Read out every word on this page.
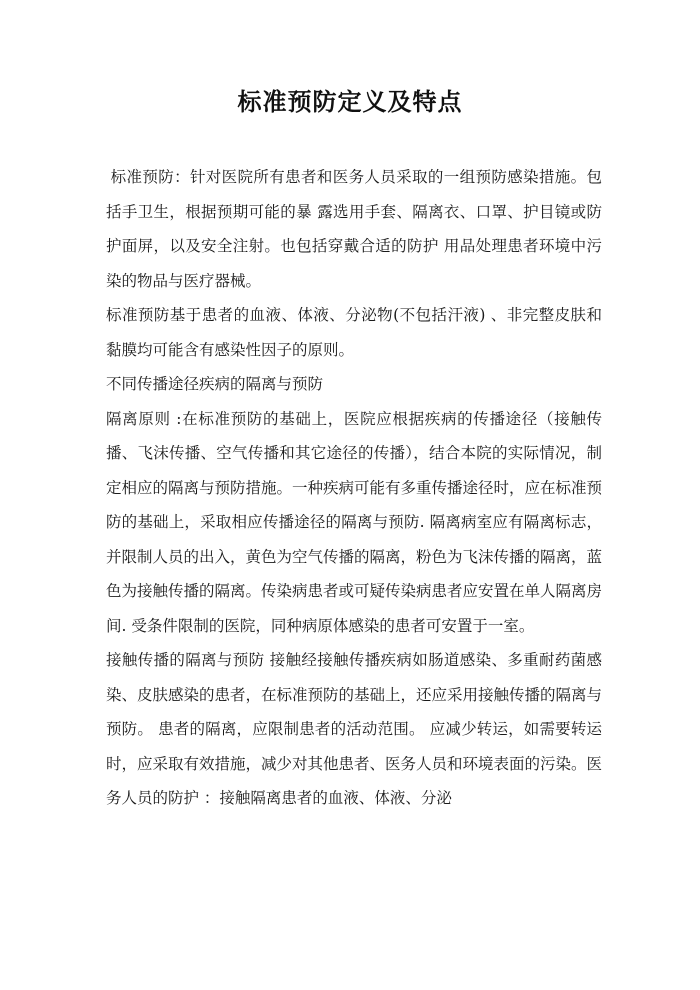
标准预防定义及特点

标准预防：针对医院所有患者和医务人员采取的一组预防感染措施。包括手卫生，根据预期可能的暴 露选用手套、隔离衣、口罩、护目镜或防护面屏，以及安全注射。也包括穿戴合适的防护 用品处理患者环境中污染的物品与医疗器械。

标准预防基于患者的血液、体液、分泌物(不包括汗液) 、非完整皮肤和黏膜均可能含有感染性因子的原则。

不同传播途径疾病的隔离与预防

隔离原则 :在标准预防的基础上，医院应根据疾病的传播途径（接触传播、飞沫传播、空气传播和其它途径的传播），结合本院的实际情况，制定相应的隔离与预防措施。一种疾病可能有多重传播途径时，应在标准预防的基础上，采取相应传播途径的隔离与预防. 隔离病室应有隔离标志，并限制人员的出入，黄色为空气传播的隔离，粉色为飞沫传播的隔离，蓝色为接触传播的隔离。传染病患者或可疑传染病患者应安置在单人隔离房间. 受条件限制的医院，同种病原体感染的患者可安置于一室。

接触传播的隔离与预防 接触经接触传播疾病如肠道感染、多重耐药菌感染、皮肤感染的患者，在标准预防的基础上，还应采用接触传播的隔离与预防。 患者的隔离，应限制患者的活动范围。 应减少转运，如需要转运时，应采取有效措施，减少对其他患者、医务人员和环境表面的污染。医务人员的防护 ：接触隔离患者的血液、体液、分泌
